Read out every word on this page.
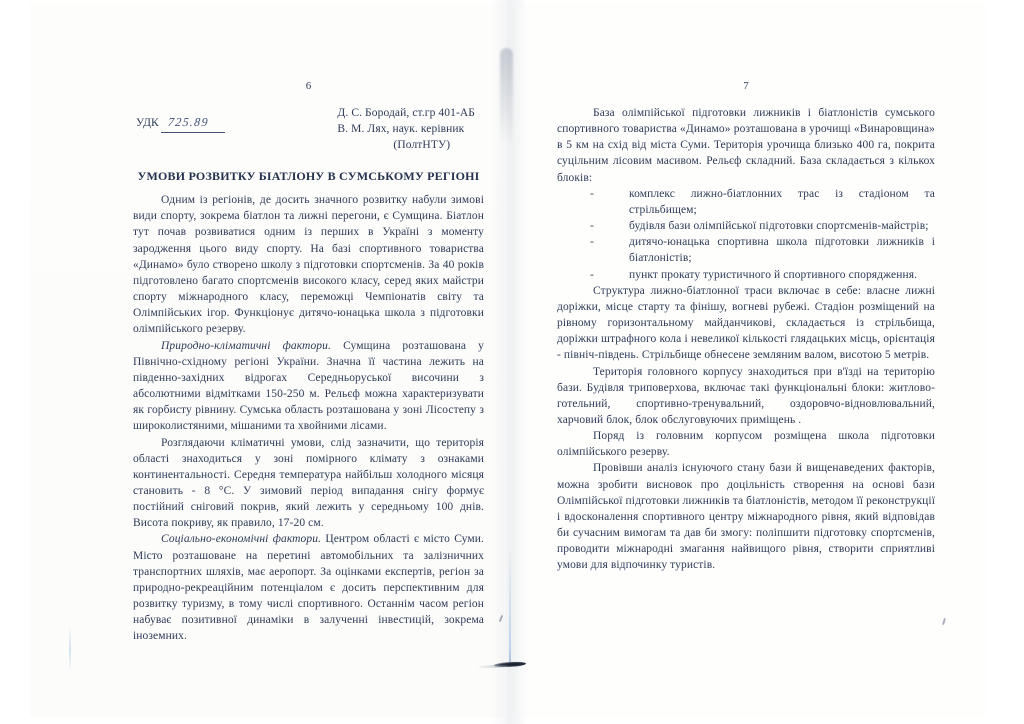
6
УДК 725.89
Д. С. Бородай, ст.гр 401-АБ
В. М. Лях, наук. керівник
(ПолтНТУ)
УМОВИ РОЗВИТКУ БІАТЛОНУ В СУМСЬКОМУ РЕГІОНІ

Одним із регіонів, де досить значного розвитку набули зимові види спорту, зокрема біатлон та лижні перегони, є Сумщина. Біатлон тут почав розвиватися одним із перших в Україні з моменту зародження цього виду спорту. На базі спортивного товариства «Динамо» було створено школу з підготовки спортсменів. За 40 років підготовлено багато спортсменів високого класу, серед яких майстри спорту міжнародного класу, переможці Чемпіонатів світу та Олімпійських ігор. Функціонує дитячо-юнацька школа з підготовки олімпійського резерву.

Природно-кліматичні фактори. Сумщина розташована у Північно-східному регіоні України. Значна її частина лежить на південно-західних відрогах Середньоруської височини з абсолютними відмітками 150-250 м. Рельєф можна характеризувати як горбисту рівнину. Сумська область розташована у зоні Лісостепу з широколистяними, мішаними та хвойними лісами.

Розглядаючи кліматичні умови, слід зазначити, що територія області знаходиться у зоні помірного клімату з ознаками континентальності. Середня температура найбільш холодного місяця становить - 8 °С. У зимовий період випадання снігу формує постійний сніговий покрив, який лежить у середньому 100 днів. Висота покриву, як правило, 17-20 см.

Соціально-економічні фактори. Центром області є місто Суми. Місто розташоване на перетині автомобільних та залізничних транспортних шляхів, має аеропорт. За оцінками експертів, регіон за природно-рекреаційним потенціалом є досить перспективним для розвитку туризму, в тому числі спортивного. Останнім часом регіон набуває позитивної динаміки в залученні інвестицій, зокрема іноземних.

7

База олімпійської підготовки лижників і біатлоністів сумського спортивного товариства «Динамо» розташована в урочищі «Винаровщина» в 5 км на схід від міста Суми. Територія урочища близько 400 га, покрита суцільним лісовим масивом. Рельєф складний. База складається з кількох блоків:

-	комплекс лижно-біатлонних трас із стадіоном та стрільбищем;
-	будівля бази олімпійської підготовки спортсменів-майстрів;
-	дитячо-юнацька спортивна школа підготовки лижників і біатлоністів;
-	пункт прокату туристичного й спортивного спорядження.

Структура лижно-біатлонної траси включає в себе: власне лижні доріжки, місце старту та фінішу, вогневі рубежі. Стадіон розміщений на рівному горизонтальному майданчикові, складається із стрільбища, доріжки штрафного кола і невеликої кількості глядацьких місць, орієнтація - північ-південь. Стрільбище обнесене земляним валом, висотою 5 метрів.

Територія головного корпусу знаходиться при в'їзді на територію бази. Будівля триповерхова, включає такі функціональні блоки: житлово-готельний, спортивно-тренувальний, оздоровчо-відновлювальний, харчовий блок, блок обслуговуючих приміщень .

Поряд із головним корпусом розміщена школа підготовки олімпійського резерву.

Провівши аналіз існуючого стану бази й вищенаведених факторів, можна зробити висновок про доцільність створення на основі бази Олімпійської підготовки лижників та біатлоністів, методом її реконструкції і вдосконалення спортивного центру міжнародного рівня, який відповідав би сучасним вимогам та дав би змогу: поліпшити підготовку спортсменів, проводити міжнародні змагання найвищого рівня, створити сприятливі умови для відпочинку туристів.
